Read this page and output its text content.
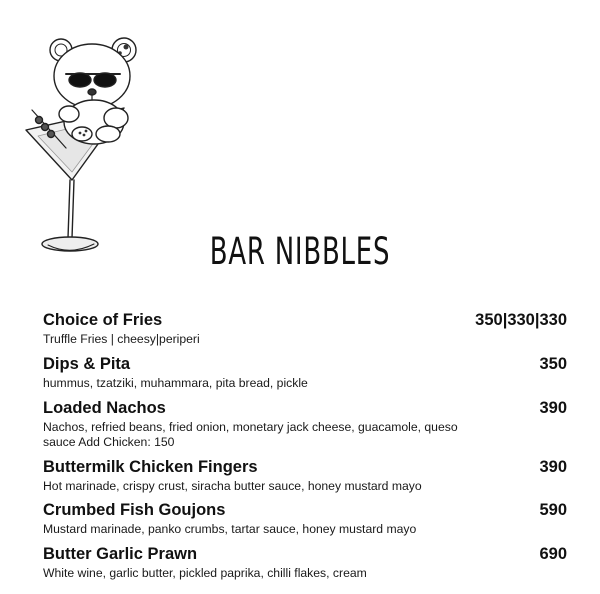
BAR NIBBLES
Choice of Fries	350|330|330
Truffle Fries | cheesy|periperi
Dips & Pita	350
hummus, tzatziki, muhammara, pita bread, pickle
Loaded Nachos	390
Nachos, refried beans, fried onion, monetary jack cheese, guacamole, queso sauce Add Chicken: 150
Buttermilk Chicken Fingers	390
Hot marinade, crispy crust, siracha butter sauce, honey mustard mayo
Crumbed Fish Goujons	590
Mustard marinade, panko crumbs, tartar sauce, honey mustard mayo
Butter Garlic Prawn	690
White wine, garlic butter, pickled paprika, chilli flakes, cream
